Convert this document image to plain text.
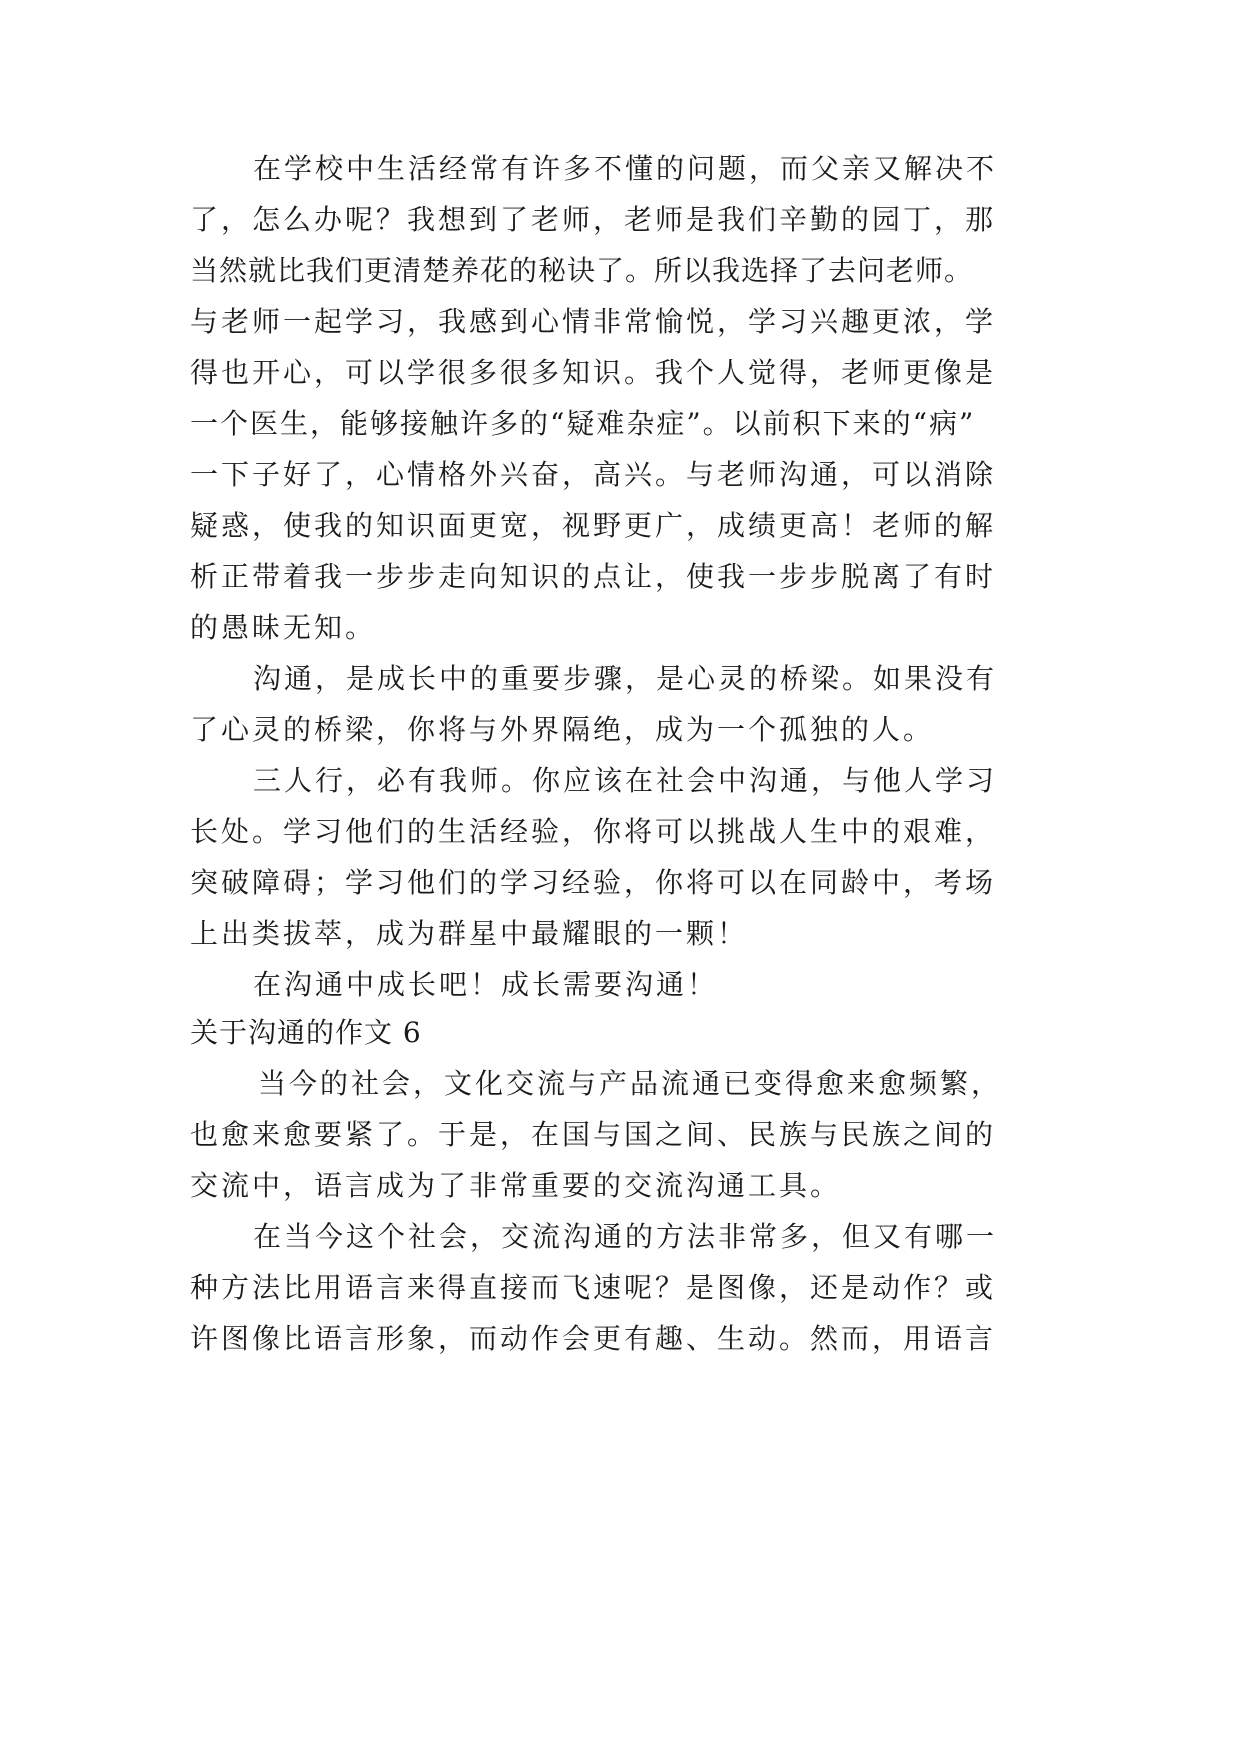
在学校中生活经常有许多不懂的问题，而父亲又解决不
了，怎么办呢？我想到了老师，老师是我们辛勤的园丁，那
当然就比我们更清楚养花的秘诀了。所以我选择了去问老师。
与老师一起学习，我感到心情非常愉悦，学习兴趣更浓，学
得也开心，可以学很多很多知识。我个人觉得，老师更像是
一个医生，能够接触许多的“疑难杂症”。以前积下来的“病”
一下子好了，心情格外兴奋，高兴。与老师沟通，可以消除
疑惑，使我的知识面更宽，视野更广，成绩更高！老师的解
析正带着我一步步走向知识的点让，使我一步步脱离了有时
的愚昧无知。
沟通，是成长中的重要步骤，是心灵的桥梁。如果没有
了心灵的桥梁，你将与外界隔绝，成为一个孤独的人。
三人行，必有我师。你应该在社会中沟通，与他人学习
长处。学习他们的生活经验，你将可以挑战人生中的艰难，
突破障碍；学习他们的学习经验，你将可以在同龄中，考场
上出类拔萃，成为群星中最耀眼的一颗！
在沟通中成长吧！成长需要沟通！
关于沟通的作文 6
当今的社会，文化交流与产品流通已变得愈来愈频繁，
也愈来愈要紧了。于是，在国与国之间、民族与民族之间的
交流中，语言成为了非常重要的交流沟通工具。
在当今这个社会，交流沟通的方法非常多，但又有哪一
种方法比用语言来得直接而飞速呢？是图像，还是动作？或
许图像比语言形象，而动作会更有趣、生动。然而，用语言
